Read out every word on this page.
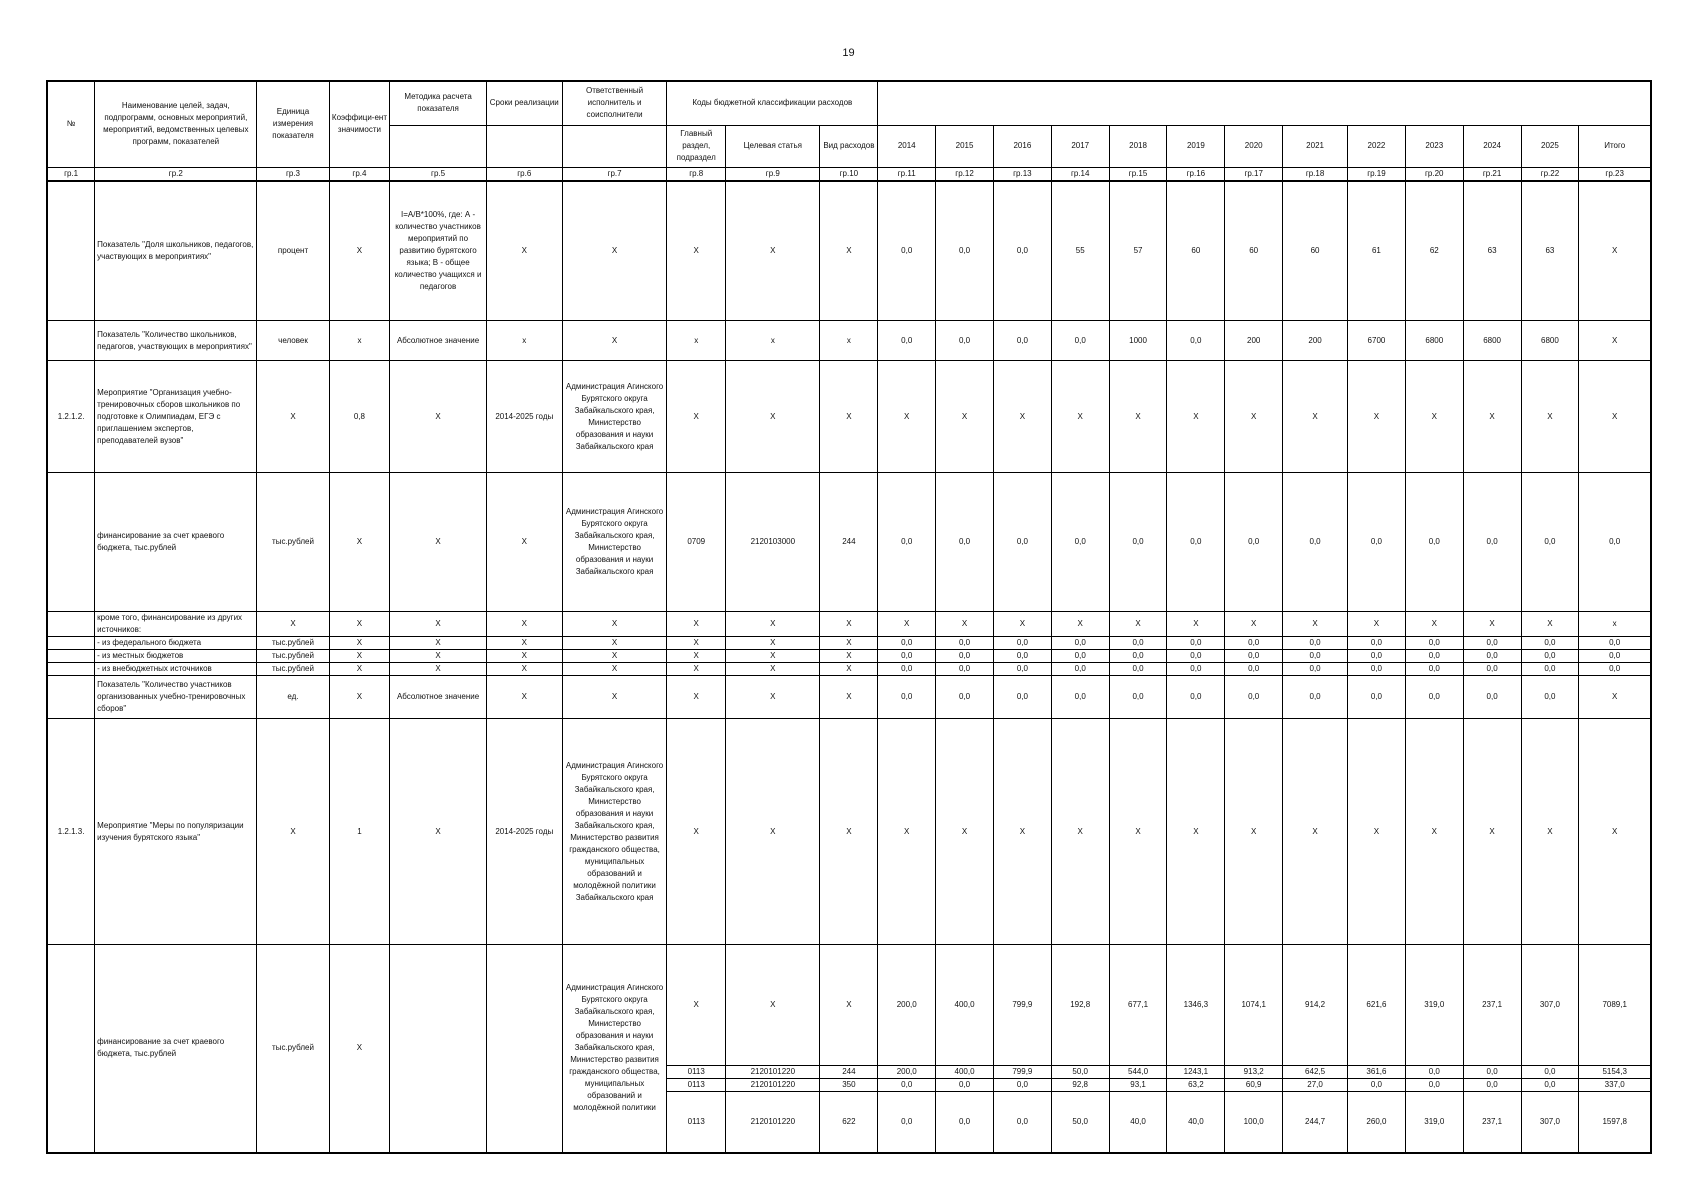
19
№	Наименование целей, задач, подпрограмм, основных мероприятий, мероприятий, ведомственных целевых программ, показателей	Единица измерения показателя	Коэффици-ент значимости	Методика расчета показателя	Сроки реализации	Ответственный исполнитель и соисполнители	Коды бюджетной классификации расходов															
							Главный раздел, подраздел	Целевая статья	Вид расходов	2014	2015	2016	2017	2018	2019	2020	2021	2022	2023	2024	2025	Итого
гр.1	гр.2	гр.3	гр.4	гр.5	гр.6	гр.7	гр.8	гр.9	гр.10	гр.11	гр.12	гр.13	гр.14	гр.15	гр.16	гр.17	гр.18	гр.19	гр.20	гр.21	гр.22	гр.23
	Показатель "Доля школьников, педагогов, участвующих в мероприятиях"	процент	X	I=A/B*100%, где: А - количество участников мероприятий по развитию бурятского языка; В - общее количество учащихся и педагогов	X	X	X	X	X	0,0	0,0	0,0	55	57	60	60	60	61	62	63	63	X
	Показатель "Количество школьников, педагогов, участвующих в мероприятиях"	человек	х	Абсолютное значение	х	X	х	х	х	0,0	0,0	0,0	0,0	1000	0,0	200	200	6700	6800	6800	6800	X
1.2.1.2.	Мероприятие "Организация учебно-тренировочных сборов школьников по подготовке к Олимпиадам, ЕГЭ с приглашением экспертов, преподавателей вузов"	X	0,8	X	2014-2025 годы	Администрация Агинского Бурятского округа Забайкальского края, Министерство образования и науки Забайкальского края	X	X	X	X	X	X	X	X	X	X	X	X	X	X	X	X
	финансирование за счет краевого бюджета, тыс.рублей	тыс.рублей	X	X	X	Администрация Агинского Бурятского округа Забайкальского края, Министерство образования и науки Забайкальского края	0709	2120103000	244	0,0	0,0	0,0	0,0	0,0	0,0	0,0	0,0	0,0	0,0	0,0	0,0	0,0
	кроме того, финансирование из других источников:	X	X	X	X	X	X	X	X	X	X	X	X	X	X	X	X	X	X	X	X	x
	- из федерального бюджета	тыс.рублей	X	X	X	X	X	X	X	0,0	0,0	0,0	0,0	0,0	0,0	0,0	0,0	0,0	0,0	0,0	0,0	0,0
	- из местных бюджетов	тыс.рублей	X	X	X	X	X	X	X	0,0	0,0	0,0	0,0	0,0	0,0	0,0	0,0	0,0	0,0	0,0	0,0	0,0
	- из внебюджетных источников	тыс.рублей	X	X	X	X	X	X	X	0,0	0,0	0,0	0,0	0,0	0,0	0,0	0,0	0,0	0,0	0,0	0,0	0,0
	Показатель "Количество участников организованных учебно-тренировочных сборов"	ед.	X	Абсолютное значение	X	X	X	X	X	0,0	0,0	0,0	0,0	0,0	0,0	0,0	0,0	0,0	0,0	0,0	0,0	X
1.2.1.3.	Мероприятие "Меры по популяризации изучения бурятского языка"	X	1	X	2014-2025 годы	Администрация Агинского Бурятского округа Забайкальского края, Министерство образования и науки Забайкальского края, Министерство развития гражданского общества, муниципальных образований и молодёжной политики Забайкальского края	X	X	X	X	X	X	X	X	X	X	X	X	X	X	X	X
	финансирование за счет краевого бюджета, тыс.рублей	тыс.рублей	X			Администрация Агинского Бурятского округа Забайкальского края, Министерство образования и науки Забайкальского края, Министерство развития гражданского общества, муниципальных образований и молодёжной политики	X	X	X	200,0	400,0	799,9	192,8	677,1	1346,3	1074,1	914,2	621,6	319,0	237,1	307,0	7089,1
							0113	2120101220	244	200,0	400,0	799,9	50,0	544,0	1243,1	913,2	642,5	361,6	0,0	0,0	0,0	5154,3
							0113	2120101220	350	0,0	0,0	0,0	92,8	93,1	63,2	60,9	27,0	0,0	0,0	0,0	0,0	337,0
							0113	2120101220	622	0,0	0,0	0,0	50,0	40,0	40,0	100,0	244,7	260,0	319,0	237,1	307,0	1597,8
